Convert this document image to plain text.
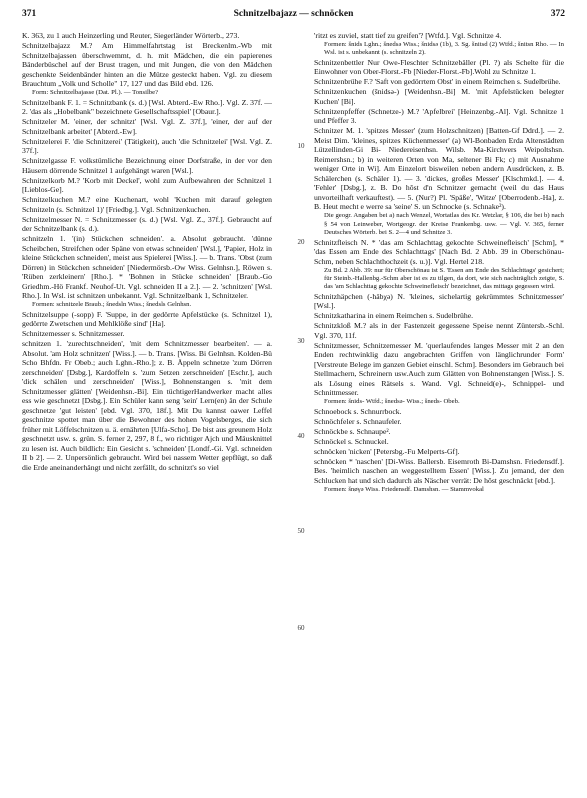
371	Schnitzelbajazz — schnöcken	372
10
20
30
40
50
60

K. 363, zu 1 auch Heinzerling und Reuter, Siegerländer Wörterb., 273.

Schnitzelbajazz M.? Am Himmelfahrtstag ist Breckenlm.-Wb mit Schnitzelbajassen überschwemmt, d. h. mit Mädchen, die ein papierenes Bänderbüschel auf der Brust tragen, und mit Jungen, die von den Mädchen geschenkte Seidenbänder hinten an die Mütze gesteckt haben. Vgl. zu diesem Brauchtum „Volk und Scholle" 17, 127 und das Bild ebd. 126.

Form: Schnitzelbajasse (Dat. Pl.). — Tonsilbe?

Schnitzelbank F. 1. = Schnitzbank (s. d.) [Wsl. Abterd.-Ew Rho.]. Vgl. Z. 37f. — 2. 'das als „Hobelbank" bezeichnete Gesellschaftsspiel' [Obaur.].

Schnitzeler M. 'einer, der schnitzt' [Wsl. Vgl. Z. 37f.], 'einer, der auf der Schnitzelbank arbeitet' [Abterd.-Ew].

Schnitzelerei F. 'die Schnitzerei' (Tätigkeit), auch 'die Schnitzelei' [Wsl. Vgl. Z. 37f.].

Schnitzelgasse F. volkstümliche Bezeichnung einer Dorfstraße, in der vor den Häusern dörrende Schnitzel 1 aufgehängt waren [Wsl.].

Schnitzelkorb M.? 'Korb mit Deckel', wohl zum Aufbewahren der Schnitzel 1 [Lieblos-Ge].

Schnitzelkuchen M.? eine Kuchenart, wohl 'Kuchen mit darauf gelegten Schnitzeln (s. Schnitzel 1)' [Friedbg.]. Vgl. Schnitzenkuchen.

Schnitzelmesser N. = Schnitzmesser (s. d.) [Wsl. Vgl. Z., 37f.]. Gebraucht auf der Schnitzelbank (s. d.).

schnitzeln 1. '(in) Stückchen schneiden'. a. Absolut gebraucht. 'dünne Scheibchen, Streifchen oder Späne von etwas schneiden' [Wsl.], 'Papier, Holz in kleine Stückchen schneiden', meist aus Spielerei [Wiss.]. — b. Trans. 'Obst (zum Dörren) in Stückchen schneiden' [Niedermörsb.-Ow Wiss. Gelnhsn.], Röwen s. 'Rüben zerkleinern' [Rho.]. * 'Bohnen in Stücke schneiden' [Braub.-Go Griedhm.-Hö Frankf. Neuhof-Ut. Vgl. schneiden II a 2.]. — 2. 'schnitzen' [Wsl. Rho.]. In Wsl. ist schnitzen unbekannt. Vgl. Schnitzelbank 1, Schnitzeler.

Formen: schnitzele Braub.; šnedsln Wiss.; šnedsls Gelnhsn.

Schnitzelsuppe (-sopp) F. 'Suppe, in der gedörrte Apfelstücke (s. Schnitzel 1), gedörrte Zwetschen und Mehlklöße sind' [Ha].

Schnitzemesser s. Schnitzmesser.

schnitzen 1. 'zurechtschneiden', 'mit dem Schnitzmesser bearbeiten'. — a. Absolut. 'am Holz schnitzen' [Wiss.]. — b. Trans. [Wiss. Bi Gelnhsn. Kolden-Bü Scho Bhfdn. Fr Obeb.; auch Lghn.-Rho.]; z. B. Äppeln schnetze 'zum Dörren zerschneiden' [Dsbg.], Kardoffeln s. 'zum Setzen zerschneiden' [Eschr.], auch 'dick schälen und zerschneiden' [Wiss.], Bohnenstangen s. 'mit dem Schnitzmesser glätten' [Weidenhsn.-Bi]. Ein tüchtigerHandwerker macht alles ess wie geschnetzt [Dsbg.]. Ein Schüler kann seng 'sein' Lern(en) än der Schule geschnetze 'gut leisten' [ebd. Vgl. 370, 18f.]. Mit Du kannst oawer Leffel geschnitze spottet man über die Bewohner des hohen Vogelsberges, die sich früher mit Löffelschnitzen u. ä. ernährten [Ulfa-Scho]. De bist aus greunem Holz geschnetzt usw. s. grün. S. ferner 2, 297, 8 f., wo richtiger Ajch und Mäusknittel zu lesen ist. Auch bildlich: Ein Gesicht s. 'schneiden' [Londf.-Gi. Vgl. schneiden II b 2]. — 2. Unpersönlich gebraucht. Wird bei nassem Wetter gepflügt, so daß die Erde aneinanderhängt und nicht zerfällt, do schnitzt's so viel

'ritzt es zuviel, statt tief zu greifen'? [Wtfd.]. Vgl. Schnitze 4.

Formen: šnids Lghn.; šnedsə Wiss.; šnidsə (1b), 3. Sg. šnitsd (2) Wtfd.; šnitsn Rho. — In Wsl. ist s. unbekannt (s. schnitzeln 2).

Schnitzenbettler Nur Owe-Fleschter Schnitzebäller (Pl. ?) als Schelte für die Einwohner von Ober-Florst.-Fb [Nieder-Florst.-Fb].Wohl zu Schnitze 1.

Schnitzenbrühe F.? 'Saft von gedörrtem Obst' in einem Reimchen s. Sudelbrühe.

Schnitzenkuchen (šnidsə-) [Weidenhsn.-Bi] M. 'mit Apfelstücken belegter Kuchen' [Bi].

Schnitzenpfeffer (Schnetze-) M.? 'Apfelbrei' [Heinzenbg.-Al]. Vgl. Schnitze 1 und Pfeffer 3.

Schnitzer M. 1. 'spitzes Messer' (zum Holzschnitzen) [Batten-Gf Ddrd.]. — 2. Meist Dim. 'kleines, spitzes Küchenmesser' (a) Wl-Bonbaden Erda Altenstädten Lützellinden-Gi Bi- Niedereisenhsn. Wilsb. Ma-Kirchvers Weipoltshsn. Reimershsn.; b) in weiteren Orten von Ma, seltener Bi Fk; c) mit Ausnahme weniger Orte in Wi]. Am Einzelort bisweilen neben andern Ausdrücken, z. B. Schälerchen (s. Schäler 1). — 3. 'dickes, großes Messer' [Klschmkd.]. — 4. 'Fehler' [Dsbg.], z. B. Do hôst d'n Schnitzer gemacht (weil du das Haus unvorteilhaft verkauftest). — 5. (Nur?) Pl. 'Späße', 'Witze' [Oberrodenb.-Ha], z. B. Heut mecht e werre sa 'seine' S. un Schnocke (s. Schnake²).

Die geogr. Angaben bei a) nach Wenzel, Wortatlas des Kr. Wetzlar, § 106, die bei b) nach § 54 von Leinweber, Wortgeogr. der Kreise Frankenbg. usw. — Vgl. V. 365, ferner Deutsches Wörterb. bei S. 2—4 und Schnitze 3.

Schnitzfleisch N. * 'das am Schlachttag gekochte Schweinefleisch' [Schm], * 'das Essen am Ende des Schlachttags' [Nach Bd. 2 Abb. 39 in Oberschönau-Schm, neben Schlachthochzeit (s. u.)]. Vgl. Hertel 218.

Zu Bd. 2 Abb. 39: nur für Oberschönau ist S. 'Essen am Ende des Schlachttags' gesichert; für Steinb.-Hallenbg.-Schm aber ist es zu tilgen, da dort, wie sich nachträglich zeigte, S. das 'am Schlachttag gekochte Schweinefleisch' bezeichnet, das mittags gegessen wird.

Schnitzhäpchen (-häbχə) N. 'kleines, sichelartig gekrümmtes Schnitzmesser' [Wsl.].

Schnitzkatharina in einem Reimchen s. Sudelbrühe.

Schnitzkloß M.? als in der Fastenzeit gegessene Speise nennt Züntersb.-Schl. Vgl. 370, 11f.

Schnitzmesser, Schnitzemesser M. 'querlaufendes langes Messer mit 2 an den Enden rechtwinklig dazu angebrachten Griffen von länglichrunder Form' [Verstreute Belege im ganzen Gebiet einschl. Schm]. Besonders im Gebrauch bei Stellmachern, Schreinern usw.Auch zum Glätten von Bohnenstangen [Wiss.]. S. als Lösung eines Rätsels s. Wand. Vgl. Schneid(e)-, Schnippel- und Schnittmesser.

Formen: šnids- Wtfd.; šnedsə- Wiss.; šneds- Obeb.

Schnoebock s. Schnurrbock.

Schnöchfeler s. Schnaufeler.

Schnöckbe s. Schnaupe².

Schnöckel s. Schnuckel.

schnöcken 'nicken' [Petersbg.-Fu Melperts-Gf].

schnöcken * 'naschen' [Di-Wiss. Ballersb. Eisemroth Bi-Damshsn. Friedensdf.]. Bes. 'heimlich naschen an weggestelltem Essen' [Wiss.]. Zu jemand, der den Schlucken hat und sich dadurch als Näscher verrät: De hôst geschnäckt [ebd.].

Formen: šnøγə Wiss. Friedensdf. Damshsn. — Stammvokal
